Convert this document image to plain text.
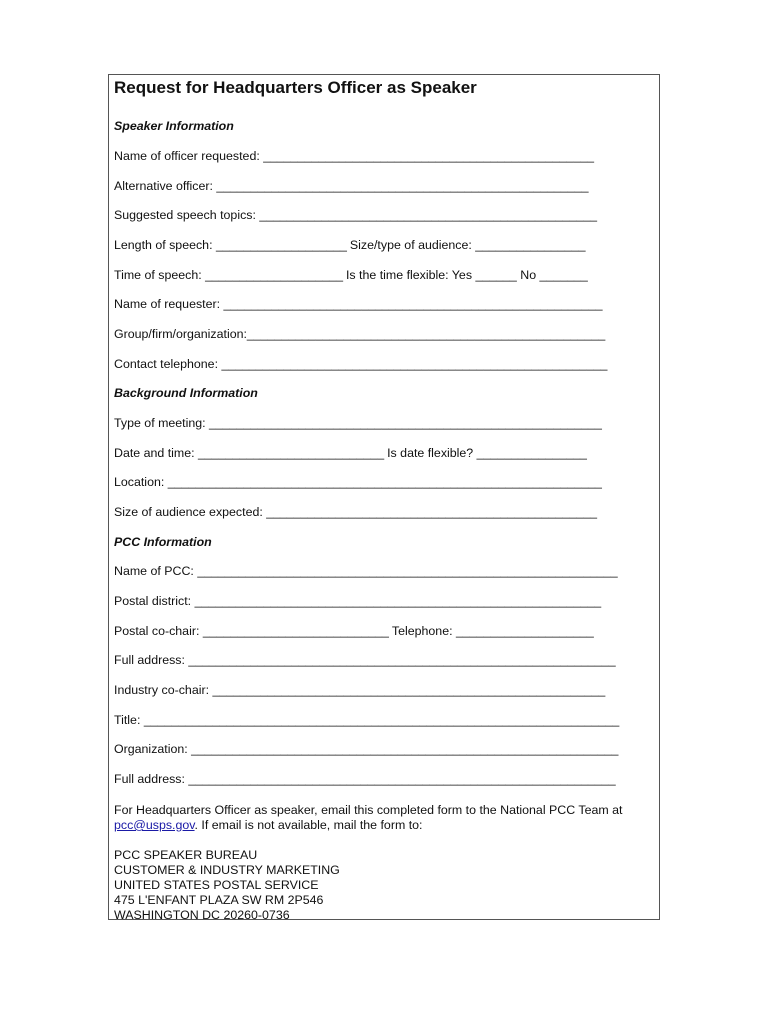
Request for Headquarters Officer as Speaker
Speaker Information
Name of officer requested: ________________________________________________
Alternative officer: ______________________________________________________
Suggested speech topics: _________________________________________________
Length of speech: ___________________ Size/type of audience: ________________
Time of speech: ____________________ Is the time flexible: Yes ______ No _______
Name of requester: _______________________________________________________
Group/firm/organization:____________________________________________________
Contact telephone: ________________________________________________________
Background Information
Type of meeting: _________________________________________________________
Date and time: ___________________________ Is date flexible? ________________
Location: _______________________________________________________________
Size of audience expected: ________________________________________________
PCC Information
Name of PCC: _____________________________________________________________
Postal district: ___________________________________________________________
Postal co-chair: ___________________________ Telephone: ____________________
Full address: ______________________________________________________________
Industry co-chair: _________________________________________________________
Title: _____________________________________________________________________
Organization: ______________________________________________________________
Full address: ______________________________________________________________
For Headquarters Officer as speaker, email this completed form to the National PCC Team at pcc@usps.gov. If email is not available, mail the form to:
PCC SPEAKER BUREAU
CUSTOMER & INDUSTRY MARKETING
UNITED STATES POSTAL SERVICE
475 L'ENFANT PLAZA SW RM 2P546
WASHINGTON DC 20260-0736
